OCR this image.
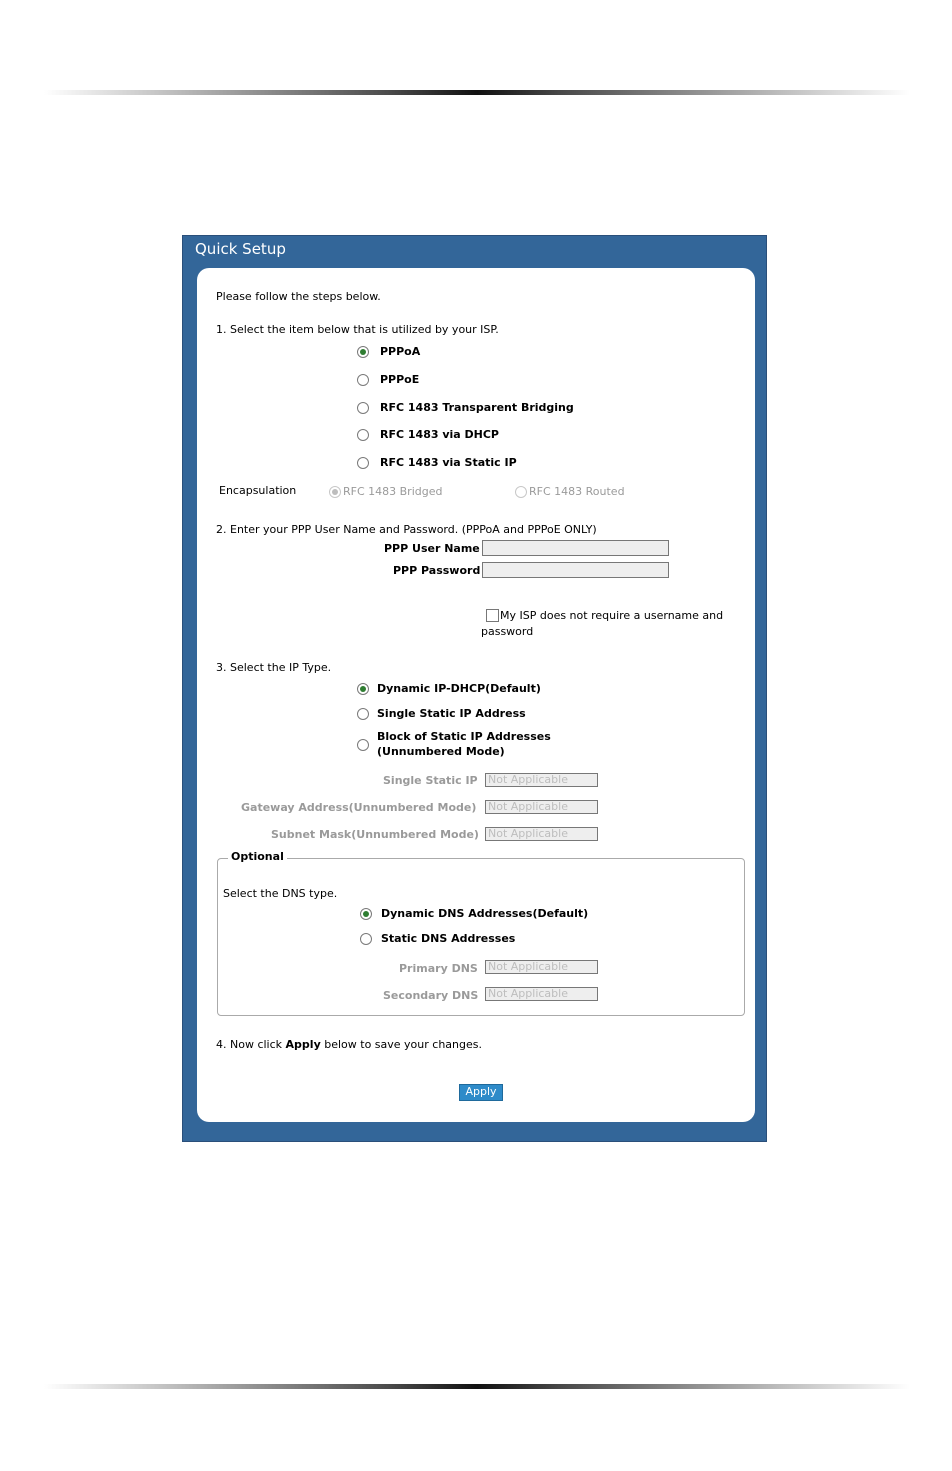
Quick Setup
Please follow the steps below.
1. Select the item below that is utilized by your ISP.
PPPoA
PPPoE
RFC 1483 Transparent Bridging
RFC 1483 via DHCP
RFC 1483 via Static IP
Encapsulation	RFC 1483 Bridged	RFC 1483 Routed
2. Enter your PPP User Name and Password. (PPPoA and PPPoE ONLY)
PPP User Name
PPP Password
My ISP does not require a username and
password
3. Select the IP Type.
Dynamic IP-DHCP(Default)
Single Static IP Address
Block of Static IP Addresses
(Unnumbered Mode)
Single Static IP Not Applicable
Gateway Address(Unnumbered Mode) Not Applicable
Subnet Mask(Unnumbered Mode) Not Applicable
Optional
Select the DNS type.
Dynamic DNS Addresses(Default)
Static DNS Addresses
Primary DNS Not Applicable
Secondary DNS Not Applicable
4. Now click Apply below to save your changes.
Apply
